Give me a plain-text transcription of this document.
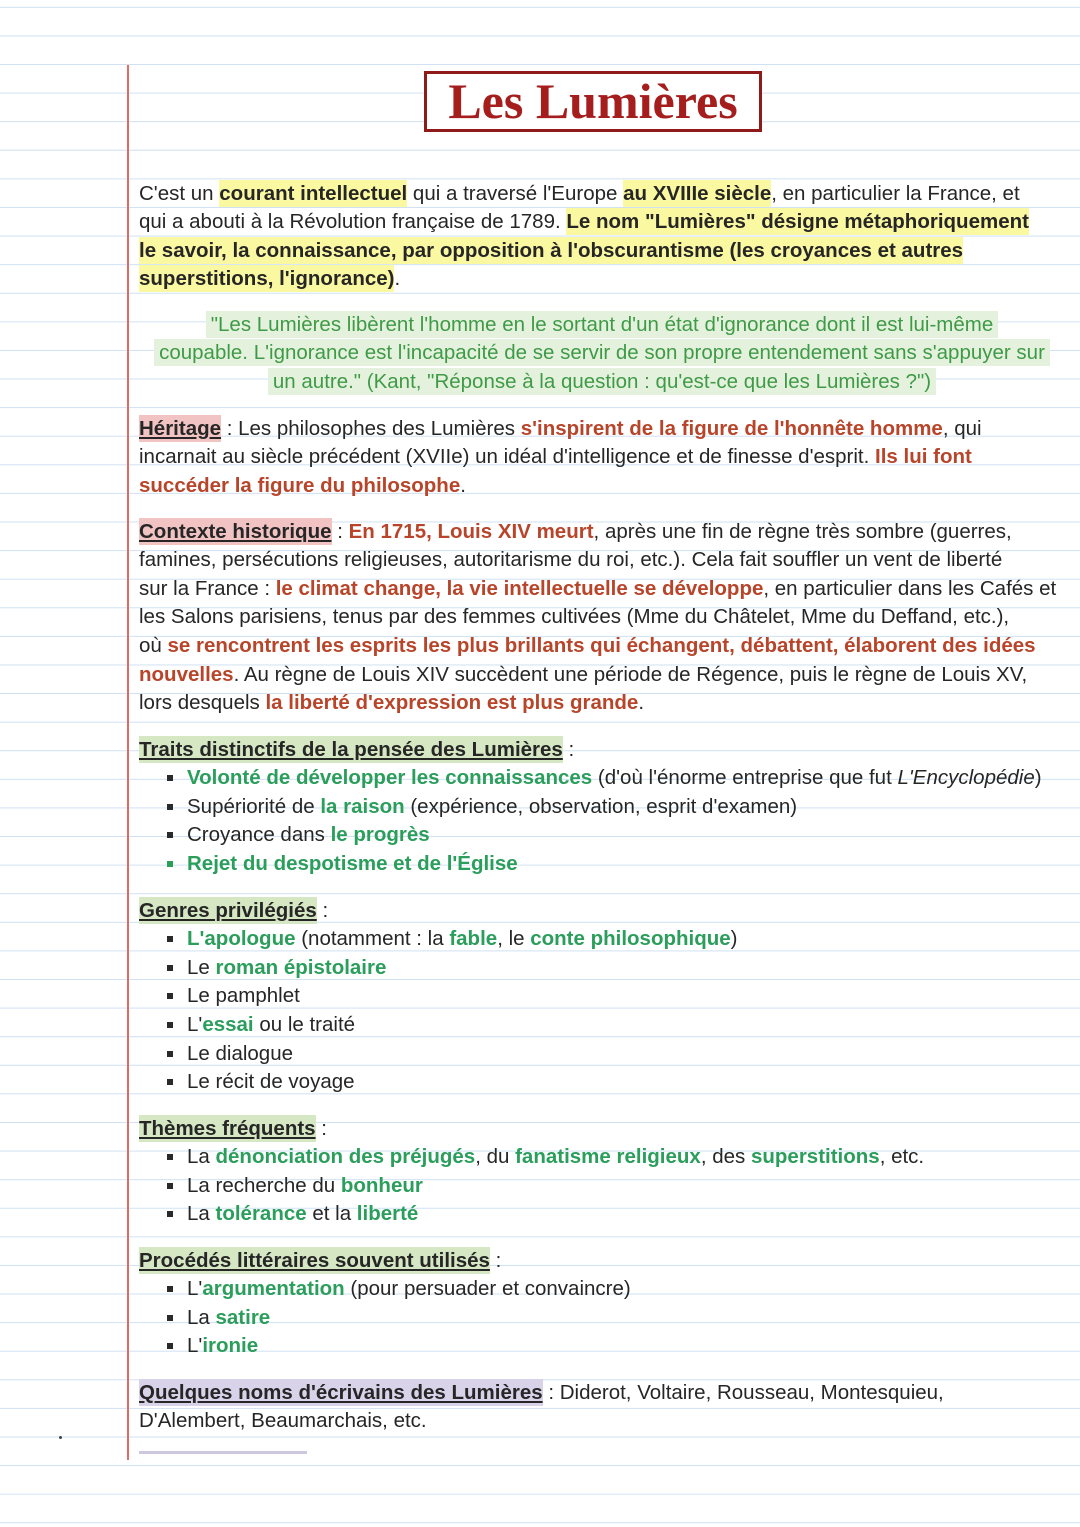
Les Lumières
C'est un courant intellectuel qui a traversé l'Europe au XVIIIe siècle, en particulier la France, et
qui a abouti à la Révolution française de 1789. Le nom "Lumières" désigne métaphoriquement
le savoir, la connaissance, par opposition à l'obscurantisme (les croyances et autres
superstitions, l'ignorance).
"Les Lumières libèrent l'homme en le sortant d'un état d'ignorance dont il est lui-même
coupable. L'ignorance est l'incapacité de se servir de son propre entendement sans s'appuyer sur
un autre." (Kant, "Réponse à la question : qu'est-ce que les Lumières ?")
Héritage : Les philosophes des Lumières s'inspirent de la figure de l'honnête homme, qui
incarnait au siècle précédent (XVIIe) un idéal d'intelligence et de finesse d'esprit. Ils lui font
succéder la figure du philosophe.
Contexte historique : En 1715, Louis XIV meurt, après une fin de règne très sombre (guerres,
famines, persécutions religieuses, autoritarisme du roi, etc.). Cela fait souffler un vent de liberté
sur la France : le climat change, la vie intellectuelle se développe, en particulier dans les Cafés et
les Salons parisiens, tenus par des femmes cultivées (Mme du Châtelet, Mme du Deffand, etc.),
où se rencontrent les esprits les plus brillants qui échangent, débattent, élaborent des idées
nouvelles. Au règne de Louis XIV succèdent une période de Régence, puis le règne de Louis XV,
lors desquels la liberté d'expression est plus grande.
Traits distinctifs de la pensée des Lumières :
Volonté de développer les connaissances (d'où l'énorme entreprise que fut L'Encyclopédie)
Supériorité de la raison (expérience, observation, esprit d'examen)
Croyance dans le progrès
Rejet du despotisme et de l'Église
Genres privilégiés :
L'apologue (notamment : la fable, le conte philosophique)
Le roman épistolaire
Le pamphlet
L'essai ou le traité
Le dialogue
Le récit de voyage
Thèmes fréquents :
La dénonciation des préjugés, du fanatisme religieux, des superstitions, etc.
La recherche du bonheur
La tolérance et la liberté
Procédés littéraires souvent utilisés :
L'argumentation (pour persuader et convaincre)
La satire
L'ironie
Quelques noms d'écrivains des Lumières : Diderot, Voltaire, Rousseau, Montesquieu,
D'Alembert, Beaumarchais, etc.
